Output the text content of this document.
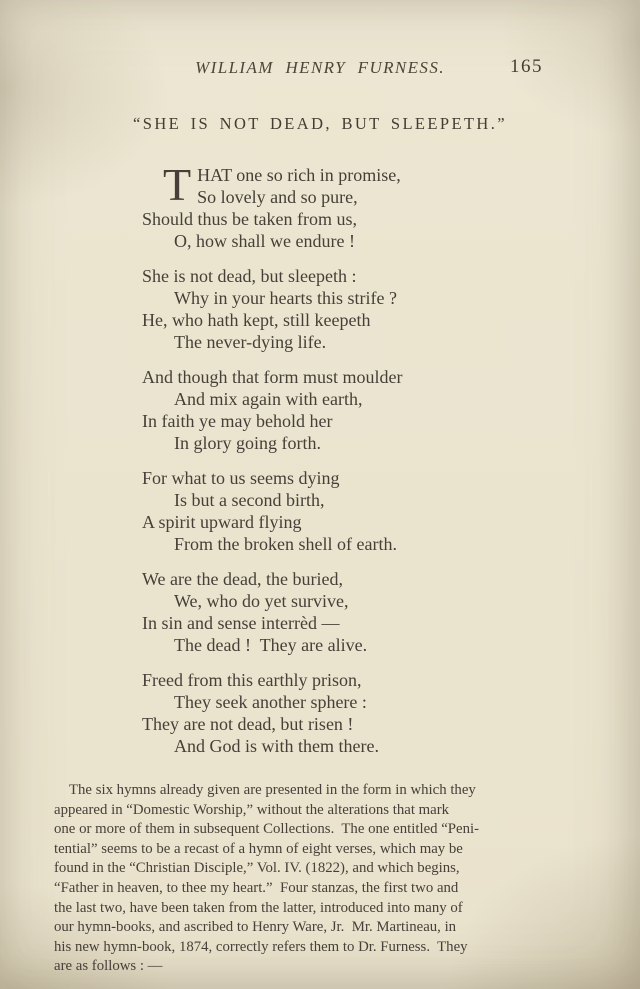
WILLIAM HENRY FURNESS.	165
“SHE IS NOT DEAD, BUT SLEEPETH.”
THAT one so rich in promise,
So lovely and so pure,
Should thus be taken from us,
O, how shall we endure !
She is not dead, but sleepeth :
Why in your hearts this strife ?
He, who hath kept, still keepeth
The never-dying life.
And though that form must moulder
And mix again with earth,
In faith ye may behold her
In glory going forth.
For what to us seems dying
Is but a second birth,
A spirit upward flying
From the broken shell of earth.
We are the dead, the buried,
We, who do yet survive,
In sin and sense interrèd —
The dead !  They are alive.
Freed from this earthly prison,
They seek another sphere :
They are not dead, but risen !
And God is with them there.
The six hymns already given are presented in the form in which they
appeared in “Domestic Worship,” without the alterations that mark
one or more of them in subsequent Collections.  The one entitled “Peni-
tential” seems to be a recast of a hymn of eight verses, which may be
found in the “Christian Disciple,” Vol. IV. (1822), and which begins,
“Father in heaven, to thee my heart.”  Four stanzas, the first two and
the last two, have been taken from the latter, introduced into many of
our hymn-books, and ascribed to Henry Ware, Jr.  Mr. Martineau, in
his new hymn-book, 1874, correctly refers them to Dr. Furness.  They
are as follows : —
